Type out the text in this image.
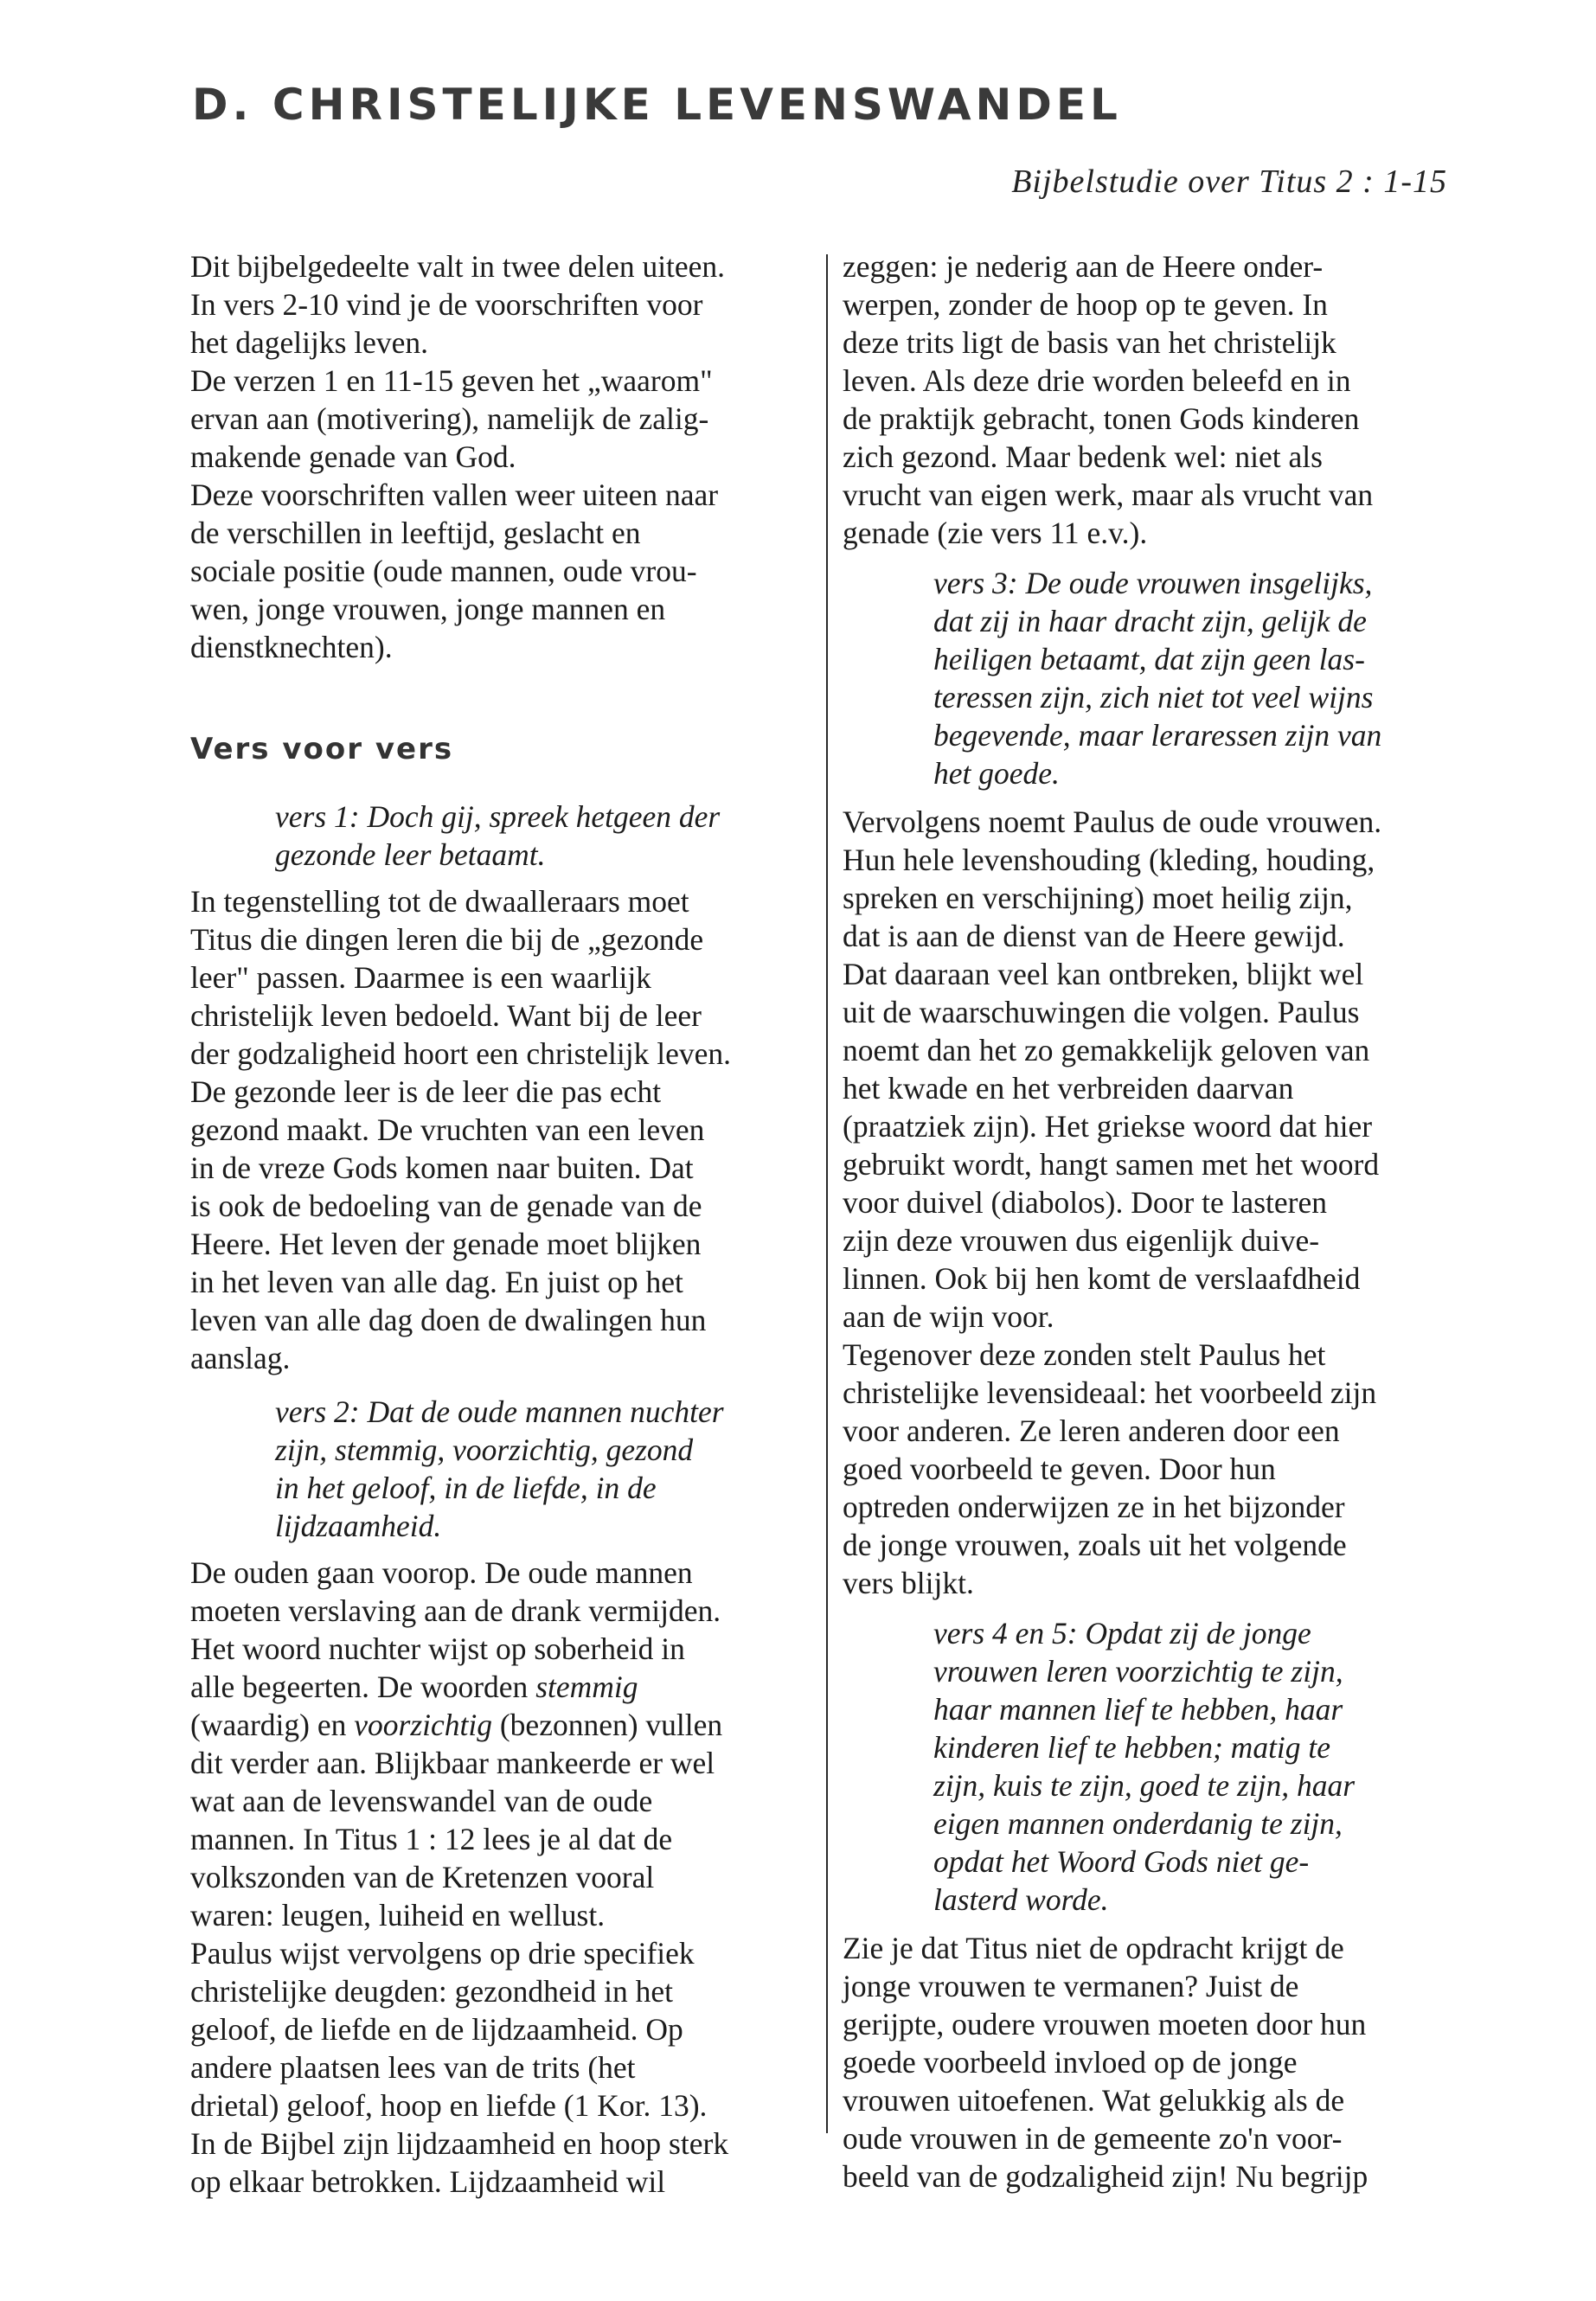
D. CHRISTELIJKE LEVENSWANDEL

Bijbelstudie over Titus 2 : 1-15

Dit bijbelgedeelte valt in twee delen uiteen.
In vers 2-10 vind je de voorschriften voor
het dagelijks leven.

De verzen 1 en 11-15 geven het „waarom"
ervan aan (motivering), namelijk de zalig-
makende genade van God.

Deze voorschriften vallen weer uiteen naar
de verschillen in leeftijd, geslacht en
sociale positie (oude mannen, oude vrou-
wen, jonge vrouwen, jonge mannen en
dienstknechten).

Vers voor vers

vers 1: Doch gij, spreek hetgeen der
gezonde leer betaamt.

In tegenstelling tot de dwaalleraars moet
Titus die dingen leren die bij de „gezonde
leer" passen. Daarmee is een waarlijk
christelijk leven bedoeld. Want bij de leer
der godzaligheid hoort een christelijk leven.
De gezonde leer is de leer die pas echt
gezond maakt. De vruchten van een leven
in de vreze Gods komen naar buiten. Dat
is ook de bedoeling van de genade van de
Heere. Het leven der genade moet blijken
in het leven van alle dag. En juist op het
leven van alle dag doen de dwalingen hun
aanslag.

vers 2: Dat de oude mannen nuchter
zijn, stemmig, voorzichtig, gezond
in het geloof, in de liefde, in de
lijdzaamheid.

De ouden gaan voorop. De oude mannen
moeten verslaving aan de drank vermijden.
Het woord nuchter wijst op soberheid in
alle begeerten. De woorden stemmig
(waardig) en voorzichtig (bezonnen) vullen
dit verder aan. Blijkbaar mankeerde er wel
wat aan de levenswandel van de oude
mannen. In Titus 1 : 12 lees je al dat de
volkszonden van de Kretenzen vooral
waren: leugen, luiheid en wellust.

Paulus wijst vervolgens op drie specifiek
christelijke deugden: gezondheid in het
geloof, de liefde en de lijdzaamheid. Op
andere plaatsen lees van de trits (het
drietal) geloof, hoop en liefde (1 Kor. 13).
In de Bijbel zijn lijdzaamheid en hoop sterk
op elkaar betrokken. Lijdzaamheid wil

zeggen: je nederig aan de Heere onder-
werpen, zonder de hoop op te geven. In
deze trits ligt de basis van het christelijk
leven. Als deze drie worden beleefd en in
de praktijk gebracht, tonen Gods kinderen
zich gezond. Maar bedenk wel: niet als
vrucht van eigen werk, maar als vrucht van
genade (zie vers 11 e.v.).

vers 3: De oude vrouwen insgelijks,
dat zij in haar dracht zijn, gelijk de
heiligen betaamt, dat zijn geen las-
teressen zijn, zich niet tot veel wijns
begevende, maar leraressen zijn van
het goede.

Vervolgens noemt Paulus de oude vrouwen.
Hun hele levenshouding (kleding, houding,
spreken en verschijning) moet heilig zijn,
dat is aan de dienst van de Heere gewijd.
Dat daaraan veel kan ontbreken, blijkt wel
uit de waarschuwingen die volgen. Paulus
noemt dan het zo gemakkelijk geloven van
het kwade en het verbreiden daarvan
(praatziek zijn). Het griekse woord dat hier
gebruikt wordt, hangt samen met het woord
voor duivel (diabolos). Door te lasteren
zijn deze vrouwen dus eigenlijk duive-
linnen. Ook bij hen komt de verslaafdheid
aan de wijn voor.

Tegenover deze zonden stelt Paulus het
christelijke levensideaal: het voorbeeld zijn
voor anderen. Ze leren anderen door een
goed voorbeeld te geven. Door hun
optreden onderwijzen ze in het bijzonder
de jonge vrouwen, zoals uit het volgende
vers blijkt.

vers 4 en 5: Opdat zij de jonge
vrouwen leren voorzichtig te zijn,
haar mannen lief te hebben, haar
kinderen lief te hebben; matig te
zijn, kuis te zijn, goed te zijn, haar
eigen mannen onderdanig te zijn,
opdat het Woord Gods niet ge-
lasterd worde.

Zie je dat Titus niet de opdracht krijgt de
jonge vrouwen te vermanen? Juist de
gerijpte, oudere vrouwen moeten door hun
goede voorbeeld invloed op de jonge
vrouwen uitoefenen. Wat gelukkig als de
oude vrouwen in de gemeente zo'n voor-
beeld van de godzaligheid zijn! Nu begrijp
